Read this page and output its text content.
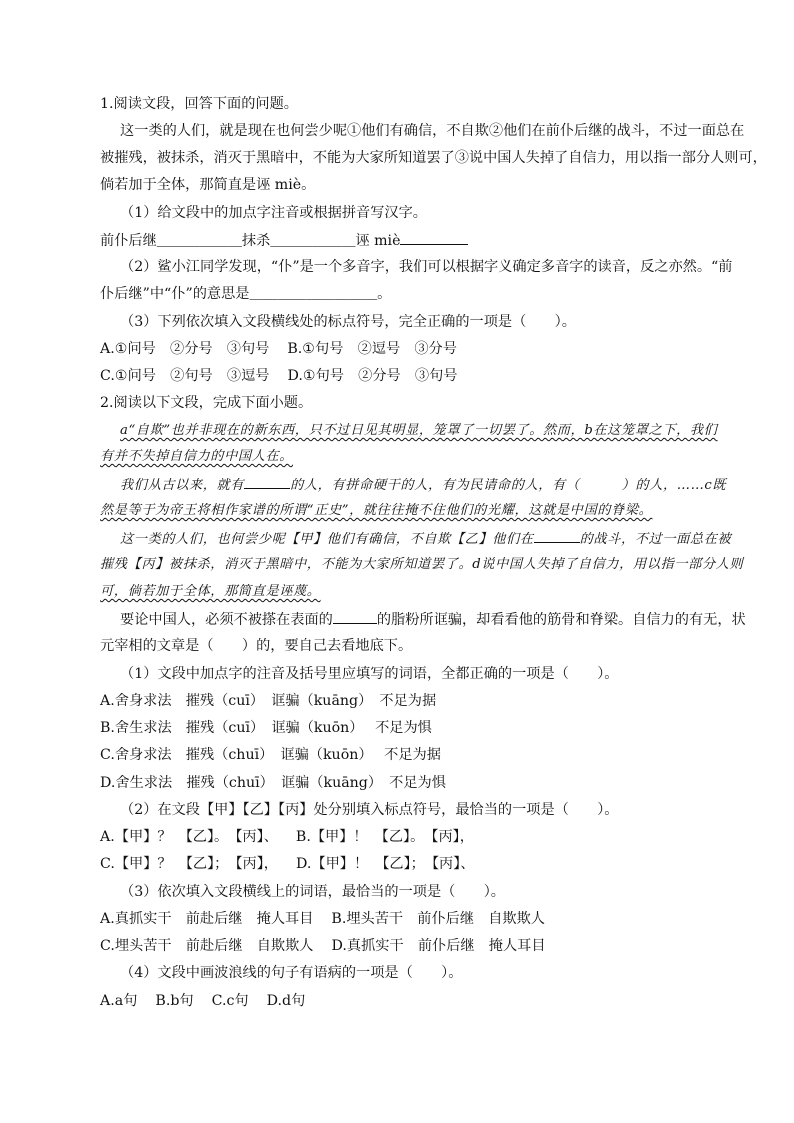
1.阅读文段，回答下面的问题。
这一类的人们，就是现在也何尝少呢①他们有确信，不自欺②他们在前仆后继的战斗，不过一面总在
被摧残，被抹杀，消灭于黑暗中，不能为大家所知道罢了③说中国人失掉了自信力，用以指一部分人则可，
倘若加于全体，那简直是诬 miè。
（1）给文段中的加点字注音或根据拼音写汉字。
前仆后继＿＿＿＿＿＿抹杀＿＿＿＿＿＿诬 miè
（2）鲨小江同学发现，“仆”是一个多音字，我们可以根据字义确定多音字的读音，反之亦然。“前
仆后继”中“仆”的意思是＿＿＿＿＿＿＿＿＿。
（3）下列依次填入文段横线处的标点符号，完全正确的一项是（　　）。
A.①问号　②分号　③句号 B.①句号　②逗号　③分号
C.①问号　②句号　③逗号 D.①句号　②分号　③句号
2.阅读以下文段，完成下面小题。
a“自欺”也并非现在的新东西，只不过日见其明显，笼罩了一切罢了。然而，b在这笼罩之下，我们
有并不失掉自信力的中国人在。
我们从古以来，就有	的人，有拼命硬干的人，有为民请命的人，有（	）的人，……c既
然是等于为帝王将相作家谱的所谓“正史”，就往往掩不住他们的光耀，这就是中国的脊梁。
这一类的人们，也何尝少呢【甲】他们有确信，不自欺【乙】他们在	的战斗，不过一面总在被
摧残【丙】被抹杀，消灭于黑暗中，不能为大家所知道罢了。d说中国人失掉了自信力，用以指一部分人则
可，倘若加于全体，那简直是诬蔑。
要论中国人，必须不被搽在表面的	的脂粉所诓骗，却看看他的筋骨和脊梁。自信力的有无，状
元宰相的文章是（　　）的，要自己去看地底下。
（1）文段中加点字的注音及括号里应填写的词语，全都正确的一项是（　　）。
A.舍身求法　摧残（cuī）　诓骗（kuāng）　不足为据
B.舍生求法　摧残（cuī）　诓骗（kuōn）　 不足为惧
C.舍身求法　摧残（chuī）　诓骗（kuōn）　 不足为据
D.舍生求法　摧残（chuī）　诓骗（kuāng）　不足为惧
（2）在文段【甲】【乙】【丙】处分别填入标点符号，最恰当的一项是（　　）。
A.【甲】？　【乙】。　【丙】、 B.【甲】！　【乙】。　【丙】，
C.【甲】？　【乙】；　【丙】， D.【甲】！　【乙】；　【丙】、
（3）依次填入文段横线上的词语，最恰当的一项是（　　）。
A.真抓实干　前赴后继　掩人耳目 B.埋头苦干　前仆后继　自欺欺人
C.埋头苦干　前赴后继　自欺欺人 D.真抓实干　前仆后继　掩人耳目
（4）文段中画波浪线的句子有语病的一项是（　　）。
A.a句 B.b句 C.c句 D.d句
